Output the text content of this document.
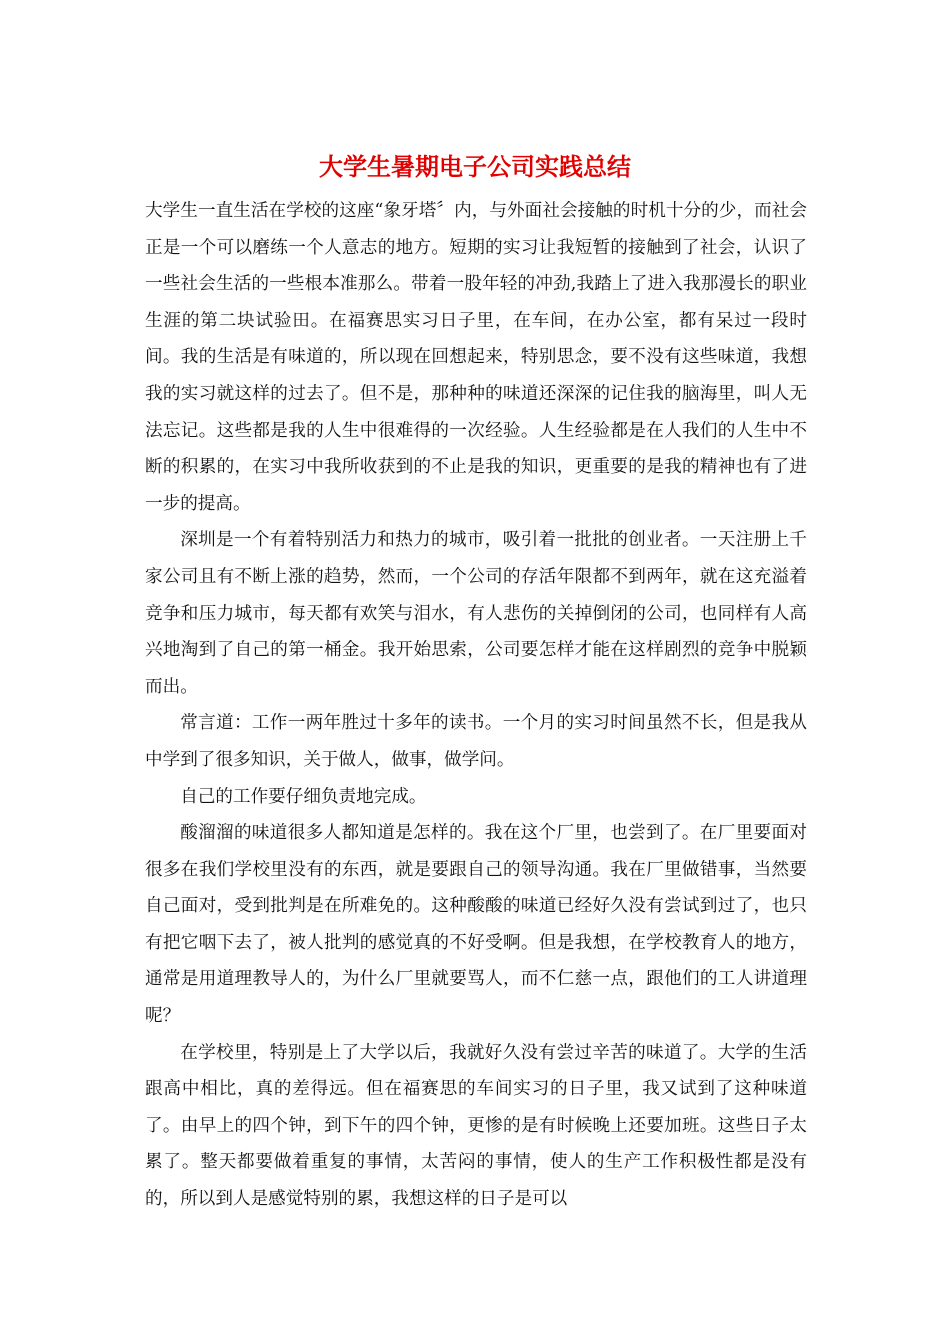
大学生暑期电子公司实践总结

大学生一直生活在学校的这座“象牙塔〞内，与外面社会接触的时机十分的少，而社会正是一个可以磨练一个人意志的地方。短期的实习让我短暂的接触到了社会，认识了一些社会生活的一些根本准那么。带着一股年轻的冲劲,我踏上了进入我那漫长的职业生涯的第二块试验田。在福赛思实习日子里，在车间，在办公室，都有呆过一段时间。我的生活是有味道的，所以现在回想起来，特别思念，要不没有这些味道，我想我的实习就这样的过去了。但不是，那种种的味道还深深的记住我的脑海里，叫人无法忘记。这些都是我的人生中很难得的一次经验。人生经验都是在人我们的人生中不断的积累的，在实习中我所收获到的不止是我的知识，更重要的是我的精神也有了进一步的提高。

深圳是一个有着特别活力和热力的城市，吸引着一批批的创业者。一天注册上千家公司且有不断上涨的趋势，然而，一个公司的存活年限都不到两年，就在这充溢着竞争和压力城市，每天都有欢笑与泪水，有人悲伤的关掉倒闭的公司，也同样有人高兴地淘到了自己的第一桶金。我开始思索，公司要怎样才能在这样剧烈的竞争中脱颖而出。

常言道：工作一两年胜过十多年的读书。一个月的实习时间虽然不长，但是我从中学到了很多知识，关于做人，做事，做学问。

自己的工作要仔细负责地完成。

酸溜溜的味道很多人都知道是怎样的。我在这个厂里，也尝到了。在厂里要面对很多在我们学校里没有的东西，就是要跟自己的领导沟通。我在厂里做错事，当然要自己面对，受到批判是在所难免的。这种酸酸的味道已经好久没有尝试到过了，也只有把它咽下去了，被人批判的感觉真的不好受啊。但是我想，在学校教育人的地方，通常是用道理教导人的，为什么厂里就要骂人，而不仁慈一点，跟他们的工人讲道理呢？

在学校里，特别是上了大学以后，我就好久没有尝过辛苦的味道了。大学的生活跟高中相比，真的差得远。但在福赛思的车间实习的日子里，我又试到了这种味道了。由早上的四个钟，到下午的四个钟，更惨的是有时候晚上还要加班。这些日子太累了。整天都要做着重复的事情，太苦闷的事情，使人的生产工作积极性都是没有的，所以到人是感觉特别的累，我想这样的日子是可以
